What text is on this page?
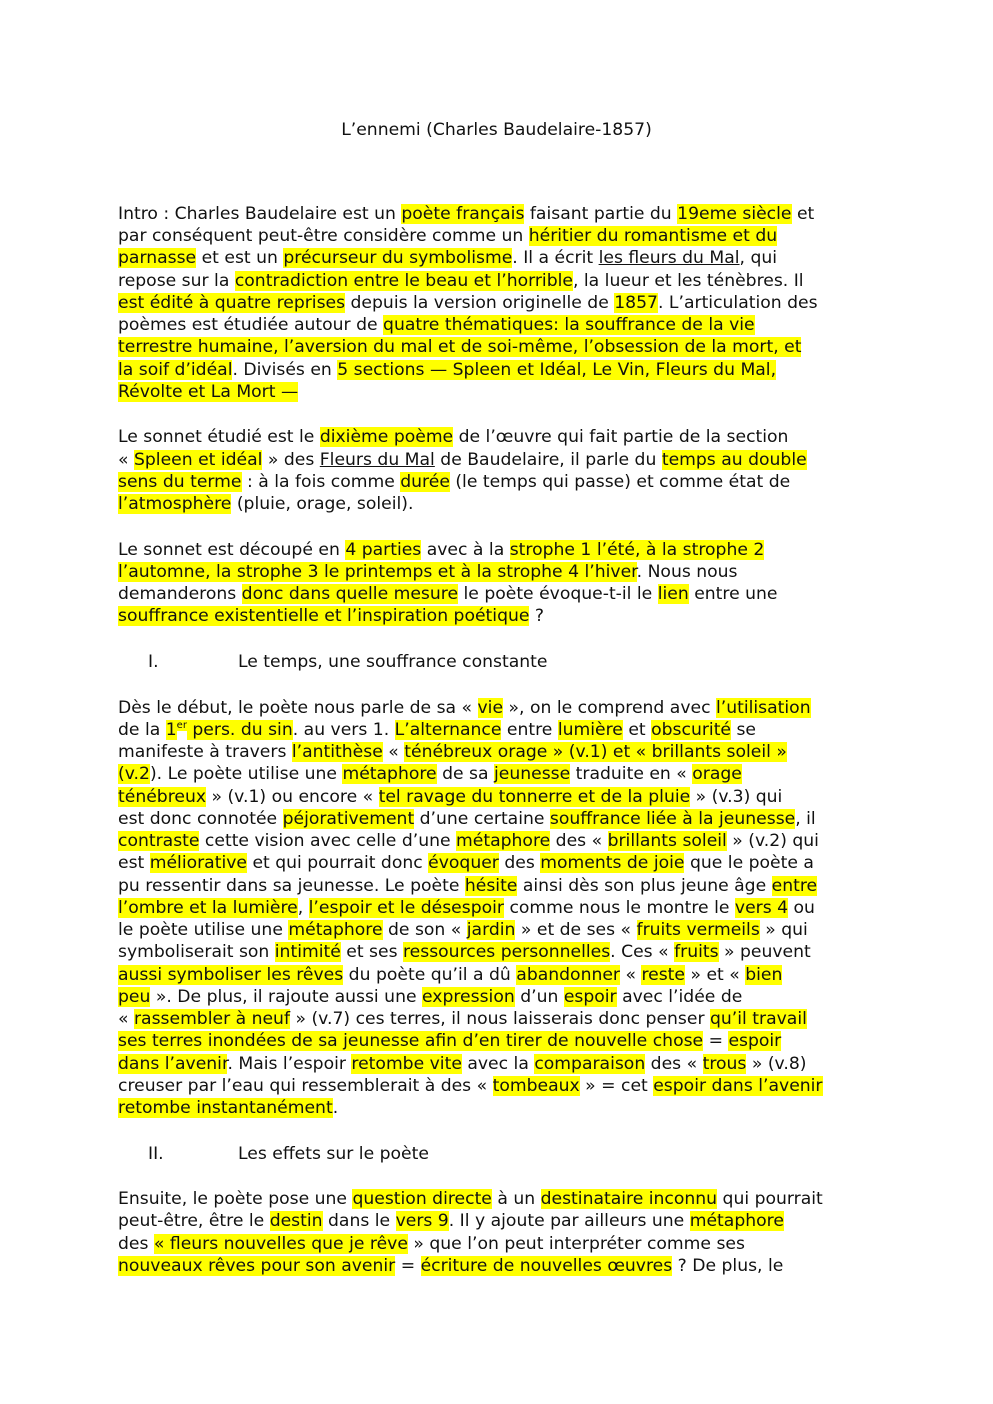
L’ennemi (Charles Baudelaire-1857)
I.	Le temps, une souffrance constante
II.	Les effets sur le poète
Intro : Charles Baudelaire est un poète français faisant partie du 19eme siècle et
par conséquent peut-être considère comme un héritier du romantisme et du
parnasse et est un précurseur du symbolisme. Il a écrit les fleurs du Mal, qui
repose sur la contradiction entre le beau et l’horrible, la lueur et les ténèbres. Il
est édité à quatre reprises depuis la version originelle de 1857. L’articulation des
poèmes est étudiée autour de quatre thématiques: la souffrance de la vie
terrestre humaine, l’aversion du mal et de soi-même, l’obsession de la mort, et
la soif d’idéal. Divisés en 5 sections — Spleen et Idéal, Le Vin, Fleurs du Mal,
Révolte et La Mort —
Le sonnet étudié est le dixième poème de l’œuvre qui fait partie de la section
« Spleen et idéal » des Fleurs du Mal de Baudelaire, il parle du temps au double
sens du terme : à la fois comme durée (le temps qui passe) et comme état de
l’atmosphère (pluie, orage, soleil).
Le sonnet est découpé en 4 parties avec à la strophe 1 l’été, à la strophe 2
l’automne, la strophe 3 le printemps et à la strophe 4 l’hiver. Nous nous
demanderons donc dans quelle mesure le poète évoque-t-il le lien entre une
souffrance existentielle et l’inspiration poétique ?
Dès le début, le poète nous parle de sa « vie », on le comprend avec l’utilisation
de la 1er pers. du sin. au vers 1. L’alternance entre lumière et obscurité se
manifeste à travers l’antithèse « ténébreux orage » (v.1) et « brillants soleil »
(v.2). Le poète utilise une métaphore de sa jeunesse traduite en « orage
ténébreux » (v.1) ou encore « tel ravage du tonnerre et de la pluie » (v.3) qui
est donc connotée péjorativement d’une certaine souffrance liée à la jeunesse, il
contraste cette vision avec celle d’une métaphore des « brillants soleil » (v.2) qui
est méliorative et qui pourrait donc évoquer des moments de joie que le poète a
pu ressentir dans sa jeunesse. Le poète hésite ainsi dès son plus jeune âge entre
l’ombre et la lumière, l’espoir et le désespoir comme nous le montre le vers 4 ou
le poète utilise une métaphore de son « jardin » et de ses « fruits vermeils » qui
symboliserait son intimité et ses ressources personnelles. Ces « fruits » peuvent
aussi symboliser les rêves du poète qu’il a dû abandonner « reste » et « bien
peu ». De plus, il rajoute aussi une expression d’un espoir avec l’idée de
« rassembler à neuf » (v.7) ces terres, il nous laisserais donc penser qu’il travail
ses terres inondées de sa jeunesse afin d’en tirer de nouvelle chose = espoir
dans l’avenir. Mais l’espoir retombe vite avec la comparaison des « trous » (v.8)
creuser par l’eau qui ressemblerait à des « tombeaux » = cet espoir dans l’avenir
retombe instantanément.
Ensuite, le poète pose une question directe à un destinataire inconnu qui pourrait
peut-être, être le destin dans le vers 9. Il y ajoute par ailleurs une métaphore
des « fleurs nouvelles que je rêve » que l’on peut interpréter comme ses
nouveaux rêves pour son avenir = écriture de nouvelles œuvres ? De plus, le
